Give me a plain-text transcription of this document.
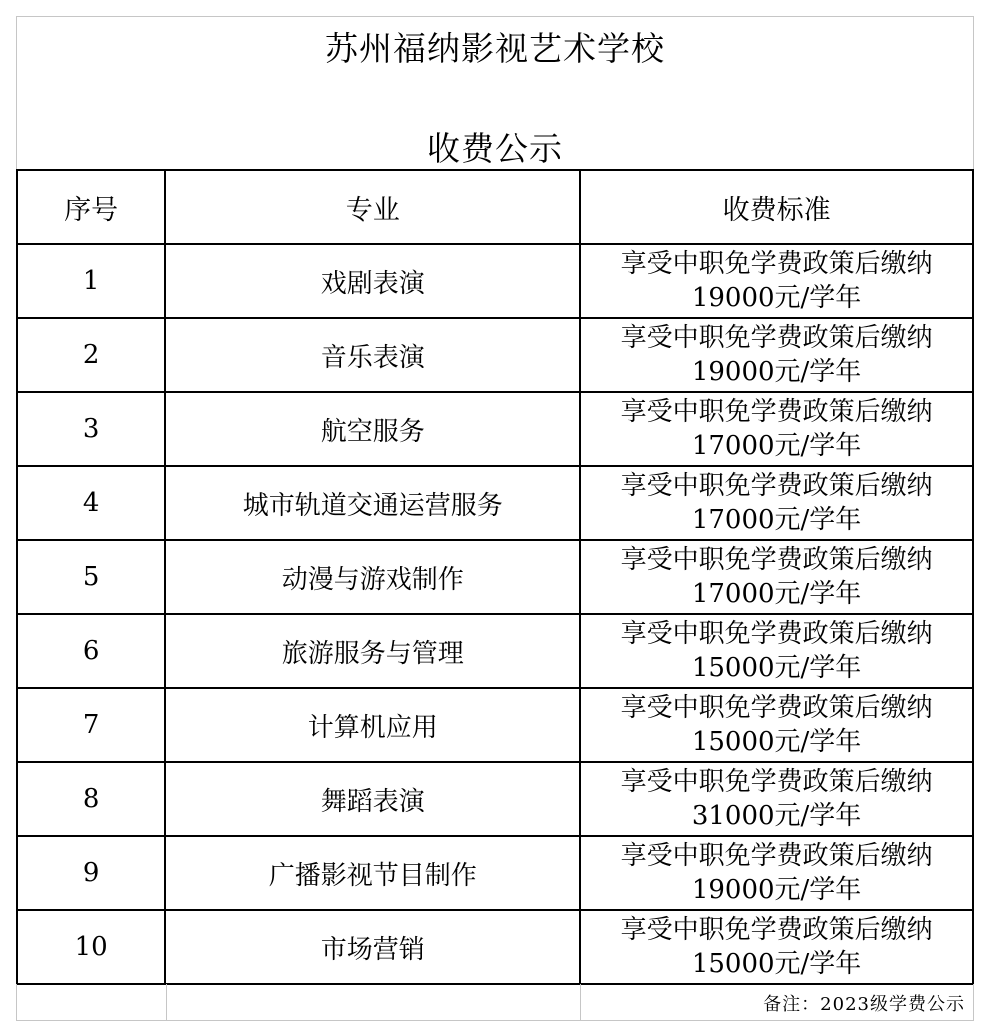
苏州福纳影视艺术学校
收费公示
序号	专业	收费标准
1	戏剧表演	享受中职免学费政策后缴纳
19000元/学年

2	音乐表演	享受中职免学费政策后缴纳
19000元/学年

3	航空服务	享受中职免学费政策后缴纳
17000元/学年

4	城市轨道交通运营服务	享受中职免学费政策后缴纳
17000元/学年

5	动漫与游戏制作	享受中职免学费政策后缴纳
17000元/学年

6	旅游服务与管理	享受中职免学费政策后缴纳
15000元/学年

7	计算机应用	享受中职免学费政策后缴纳
15000元/学年

8	舞蹈表演	享受中职免学费政策后缴纳
31000元/学年

9	广播影视节目制作	享受中职免学费政策后缴纳
19000元/学年

10	市场营销	享受中职免学费政策后缴纳
15000元/学年
备注：2023级学费公示
